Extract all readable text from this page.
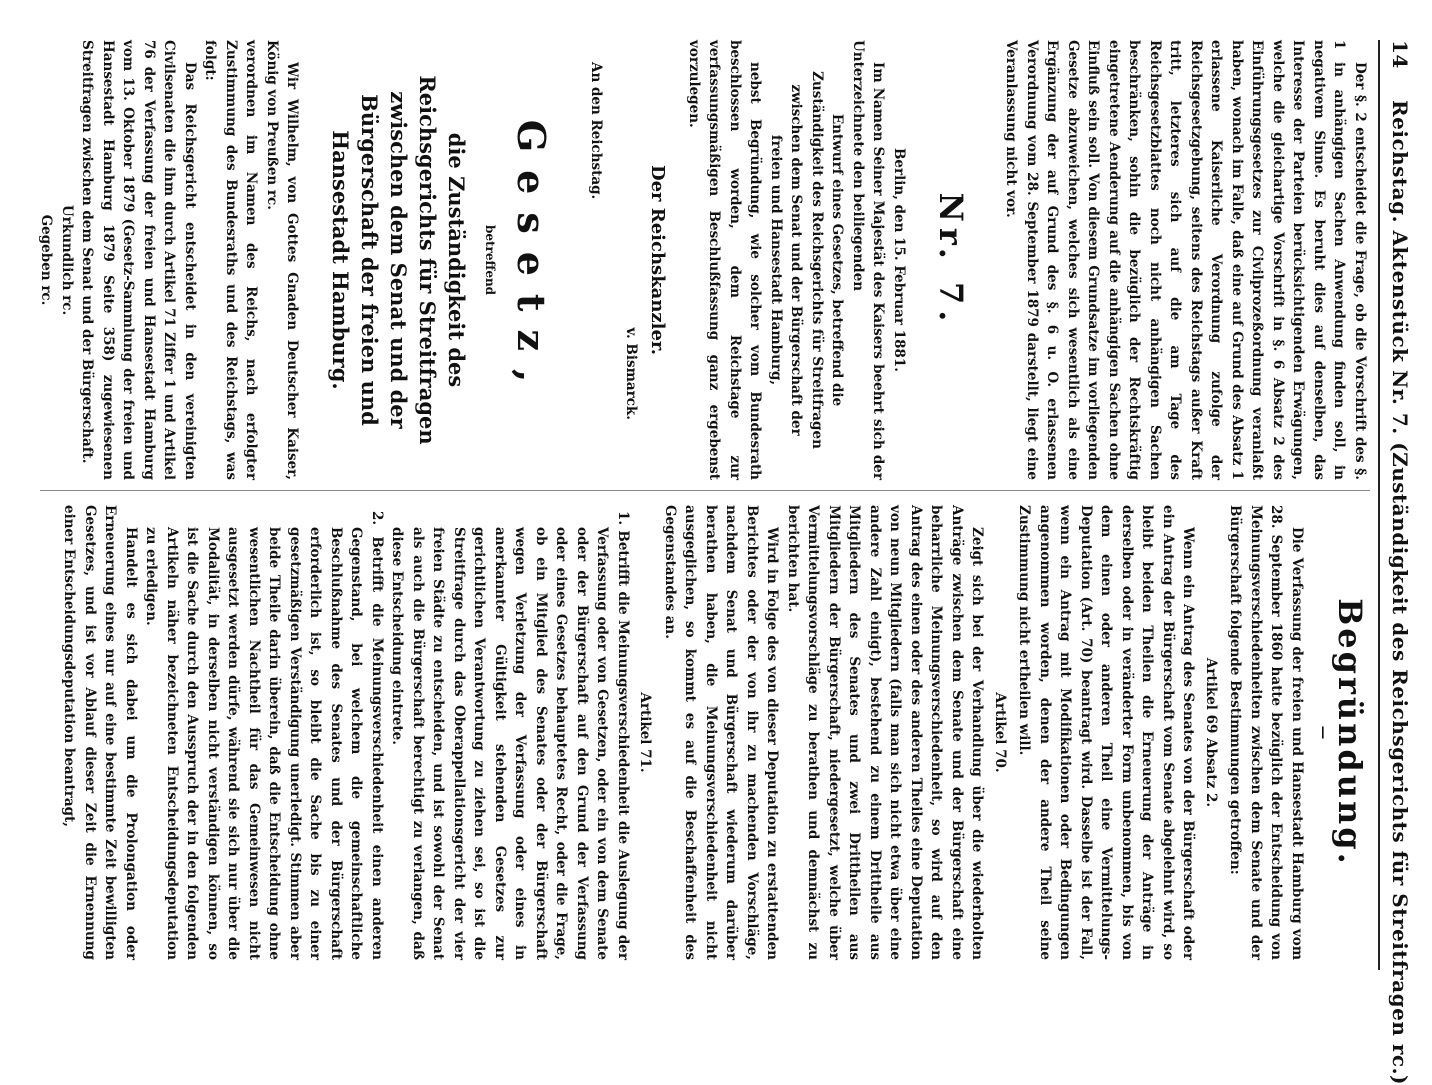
14
Reichstag. Aktenstück Nr. 7. (Zuständigkeit des Reichsgerichts für Streitfragen rc.)

Der §. 2 entscheidet die Frage, ob die Vorschrift des §. 1 in anhängigen Sachen Anwendung finden soll, in negativem Sinne. Es beruht dies auf denselben, das Interesse der Parteien berücksichtigenden Erwägungen, welche die gleichartige Vorschrift in §. 6 Absatz 2 des Einführungsgesetzes zur Civilprozeßordnung veranlaßt haben, wonach im Falle, daß eine auf Grund des Absatz 1 erlassene Kaiserliche Verordnung zufolge der Reichsgesetzgebung, seitens des Reichstags außer Kraft tritt, letzteres sich auf die am Tage des Reichsgesetzblattes noch nicht anhängigen Sachen beschränken, sohin die bezüglich der Rechtskräftig eingetretene Aenderung auf die anhängigen Sachen ohne Einfluß sein soll. Von diesem Grundsatze im vorliegenden Gesetze abzuweichen, welches sich wesentlich als eine Ergänzung der auf Grund des §. 6 u. O. erlassenen Verordnung vom 28. September 1879 darstellt, liegt eine Veranlassung nicht vor.

Nr. 7.

Berlin, den 15. Februar 1881.

Im Namen Seiner Majestät des Kaisers beehrt sich der Unterzeichnete den beiliegenden

Entwurf eines Gesetzes, betreffend die Zuständigkeit des Reichsgerichts für Streitfragen zwischen dem Senat und der Bürgerschaft der freien und Hansestadt Hamburg,

nebst Begründung, wie solcher vom Bundesrath beschlossen worden, dem Reichstage zur verfassungsmäßigen Beschlußfassung ganz ergebenst vorzulegen.

Der Reichskanzler.
v. Bismarck.

An den Reichstag.

Gesetz,
betreffend
die Zuständigkeit des Reichsgerichts für Streitfragen zwischen dem Senat und der Bürgerschaft der freien und Hansestadt Hamburg.

Wir Wilhelm, von Gottes Gnaden Deutscher Kaiser, König von Preußen rc.

verordnen im Namen des Reichs, nach erfolgter Zustimmung des Bundesraths und des Reichstags, was folgt:

Das Reichsgericht entscheidet in den vereinigten Civilsenaten die ihm durch Artikel 71 Ziffer 1 und Artikel 76 der Verfassung der freien und Hansestadt Hamburg vom 13. Oktober 1879 (Gesetz-Sammlung der freien und Hansestadt Hamburg 1879 Seite 358) zugewiesenen Streitfragen zwischen dem Senat und der Bürgerschaft.

Urkundlich rc.

Gegeben rc.

Begründung.
—

Die Verfassung der freien und Hansestadt Hamburg vom 28. September 1860 hatte bezüglich der Entscheidung von Meinungsverschiedenheiten zwischen dem Senate und der Bürgerschaft folgende Bestimmungen getroffen:

Artikel 69 Absatz 2.

Wenn ein Antrag des Senates von der Bürgerschaft oder ein Antrag der Bürgerschaft vom Senate abgelehnt wird, so bleibt beiden Theilen die Erneuerung der Anträge in derselben oder in veränderter Form unbenommen, bis von dem einen oder anderen Theil eine Vermittelungs-Deputation (Art. 70) beantragt wird. Dasselbe ist der Fall, wenn ein Antrag mit Modifikationen oder Bedingungen angenommen worden, denen der andere Theil seine Zustimmung nicht ertheilen will.

Artikel 70.

Zeigt sich bei der Verhandlung über die wiederholten Anträge zwischen dem Senate und der Bürgerschaft eine beharrliche Meinungsverschiedenheit, so wird auf den Antrag des einen oder des anderen Theiles eine Deputation von neun Mitgliedern (falls man sich nicht etwa über eine andere Zahl einigt), bestehend zu einem Drittheile aus Mitgliedern des Senates und zwei Drittheilen aus Mitgliedern der Bürgerschaft, niedergesetzt, welche über Vermittelungsvorschläge zu berathen und demnächst zu berichten hat.

Wird in Folge des von dieser Deputation zu erstattenden Berichtes oder der von ihr zu machenden Vorschläge, nachdem Senat und Bürgerschaft wiederum darüber berathen haben, die Meinungsverschiedenheit nicht ausgeglichen, so kommt es auf die Beschaffenheit des Gegenstandes an.

Artikel 71.

1. Betrifft die Meinungsverschiedenheit die Auslegung der Verfassung oder von Gesetzen, oder ein von dem Senate oder der Bürgerschaft auf den Grund der Verfassung oder eines Gesetzes behauptetes Recht, oder die Frage, ob ein Mitglied des Senates oder der Bürgerschaft wegen Verletzung der Verfassung oder eines in anerkannter Gültigkeit stehenden Gesetzes zur gerichtlichen Verantwortung zu ziehen sei, so ist die Streitfrage durch das Oberappellationsgericht der vier freien Städte zu entscheiden, und ist sowohl der Senat als auch die Bürgerschaft berechtigt zu verlangen, daß diese Entscheidung eintrete.

2. Betrifft die Meinungsverschiedenheit einen anderen Gegenstand, bei welchem die gemeinschaftliche Beschlußnahme des Senates und der Bürgerschaft erforderlich ist, so bleibt die Sache bis zu einer gesetzmäßigen Verständigung unerledigt. Stimmen aber beide Theile darin überein, daß die Entscheidung ohne wesentlichen Nachtheil für das Gemeinwesen nicht ausgesetzt werden dürfe, während sie sich nur über die Modalität, in derselben nicht verständigen können, so ist die Sache durch den Ausspruch der in den folgenden Artikeln näher bezeichneten Entscheidungsdeputation zu erledigen.

Handelt es sich dabei um die Prolongation oder Erneuerung eines nur auf eine bestimmte Zeit bewilligten Gesetzes, und ist vor Ablauf dieser Zeit die Ernennung einer Entscheidungsdeputation beantragt,
